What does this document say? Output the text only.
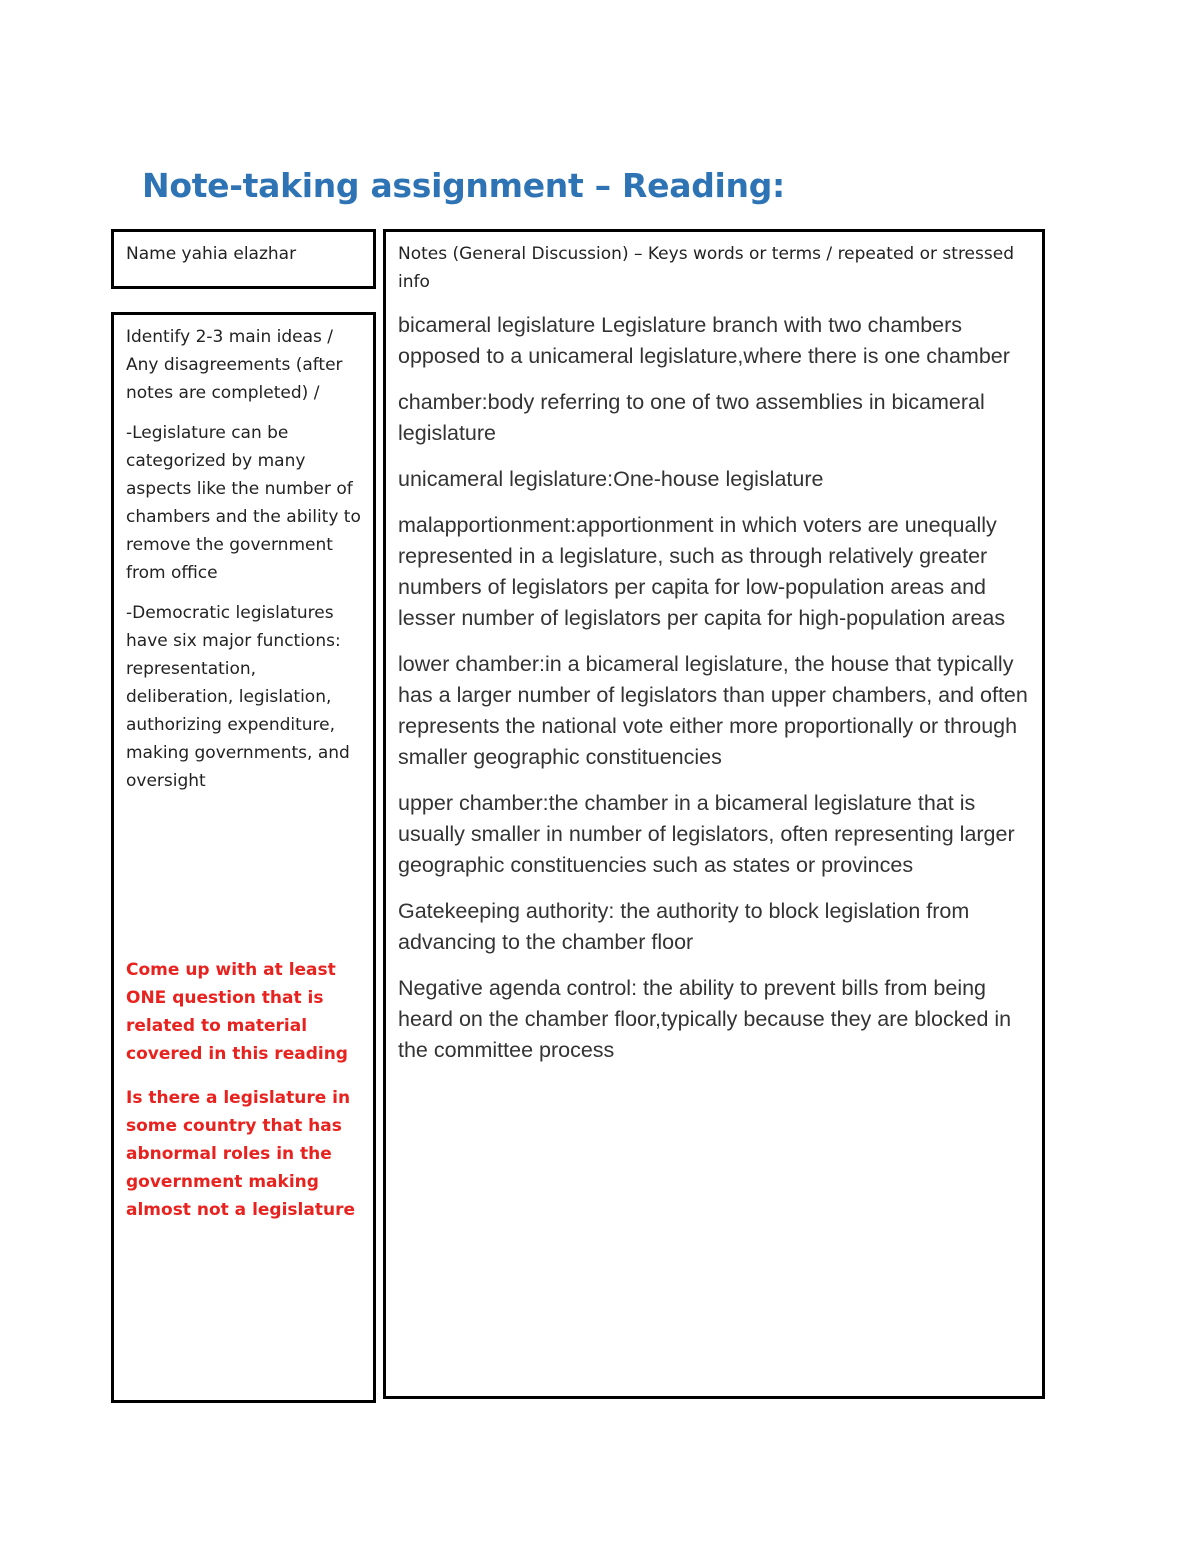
Note-taking assignment – Reading:

Name yahia elazhar

Identify 2-3 main ideas / Any disagreements (after notes are completed) /

-Legislature can be categorized by many aspects like the number of chambers and the ability to remove the government from office

-Democratic legislatures have six major functions: representation, deliberation, legislation, authorizing expenditure, making governments, and oversight

Come up with at least ONE question that is related to material covered in this reading

Is there a legislature in some country that has abnormal roles in the government making almost not a legislature

Notes (General Discussion) – Keys words or terms / repeated or stressed info

bicameral legislature Legislature branch with two chambers opposed to a unicameral legislature,where there is one chamber
chamber:body referring to one of two assemblies in bicameral legislature
unicameral legislature:One-house legislature
malapportionment:apportionment in which voters are unequally represented in a legislature, such as through relatively greater numbers of legislators per capita for low-population areas and lesser number of legislators per capita for high-population areas
lower chamber:in a bicameral legislature, the house that typically has a larger number of legislators than upper chambers, and often represents the national vote either more proportionally or through smaller geographic constituencies
upper chamber:the chamber in a bicameral legislature that is usually smaller in number of legislators, often representing larger geographic constituencies such as states or provinces
Gatekeeping authority: the authority to block legislation from advancing to the chamber floor
Negative agenda control: the ability to prevent bills from being heard on the chamber floor,typically because they are blocked in the committee process
